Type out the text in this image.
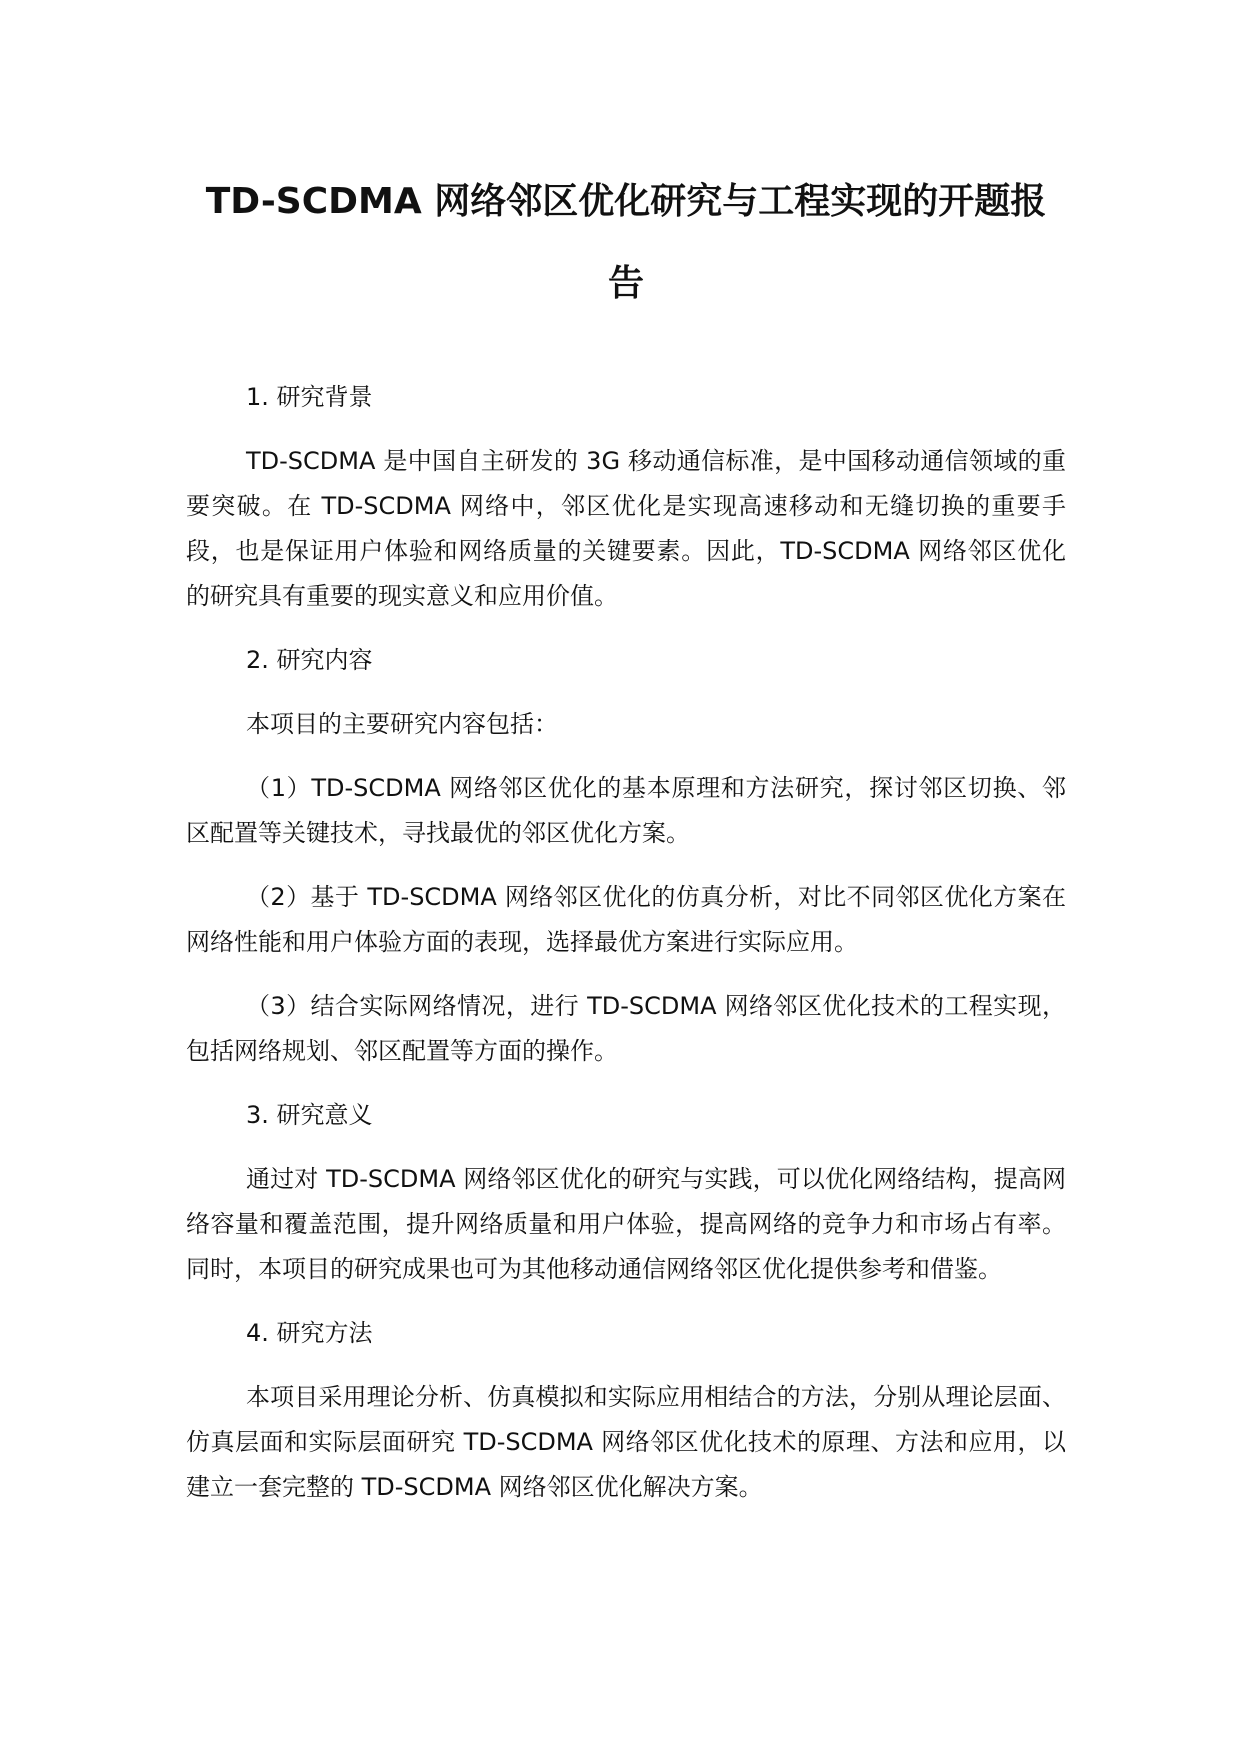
TD-SCDMA 网络邻区优化研究与工程实现的开题报
告

1. 研究背景

TD-SCDMA 是中国自主研发的 3G 移动通信标准，是中国移动通信领域的重要突破。在 TD-SCDMA 网络中，邻区优化是实现高速移动和无缝切换的重要手段，也是保证用户体验和网络质量的关键要素。因此，TD-SCDMA 网络邻区优化的研究具有重要的现实意义和应用价值。

2. 研究内容

本项目的主要研究内容包括：

（1）TD-SCDMA 网络邻区优化的基本原理和方法研究，探讨邻区切换、邻区配置等关键技术，寻找最优的邻区优化方案。

（2）基于 TD-SCDMA 网络邻区优化的仿真分析，对比不同邻区优化方案在网络性能和用户体验方面的表现，选择最优方案进行实际应用。

（3）结合实际网络情况，进行 TD-SCDMA 网络邻区优化技术的工程实现，包括网络规划、邻区配置等方面的操作。

3. 研究意义

通过对 TD-SCDMA 网络邻区优化的研究与实践，可以优化网络结构，提高网络容量和覆盖范围，提升网络质量和用户体验，提高网络的竞争力和市场占有率。同时，本项目的研究成果也可为其他移动通信网络邻区优化提供参考和借鉴。

4. 研究方法

本项目采用理论分析、仿真模拟和实际应用相结合的方法，分别从理论层面、仿真层面和实际层面研究 TD-SCDMA 网络邻区优化技术的原理、方法和应用，以建立一套完整的 TD-SCDMA 网络邻区优化解决方案。
